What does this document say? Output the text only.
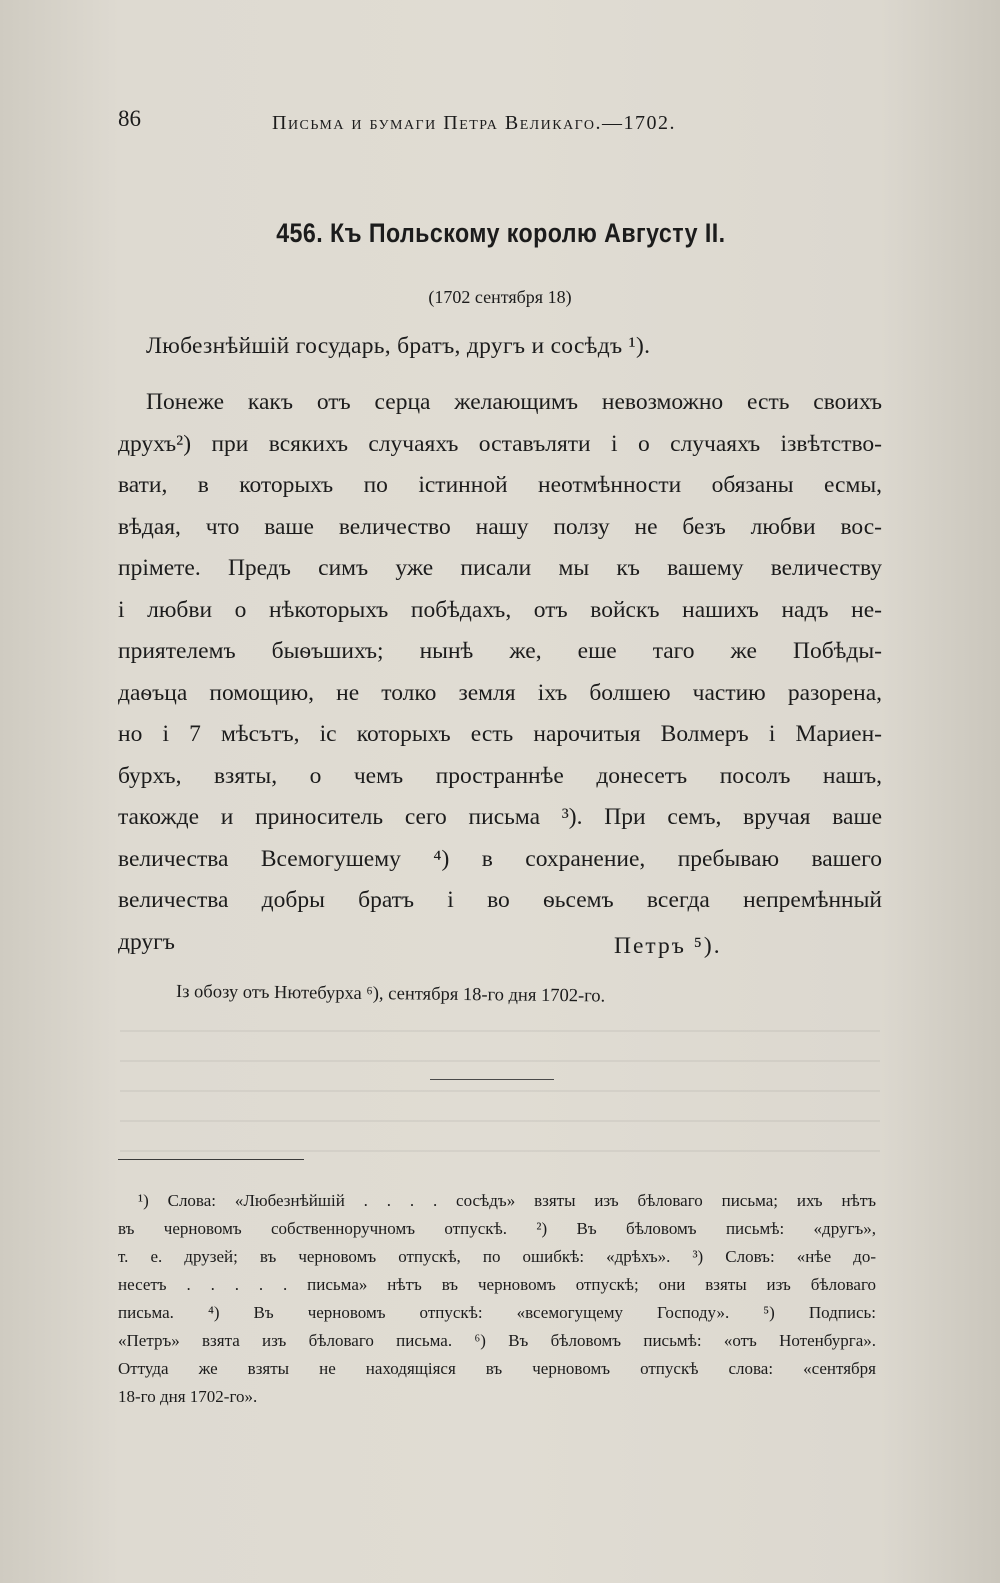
86	Письма и бумаги Петра Великаго.—1702.
456. Къ Польскому королю Августу II.
(1702 сентября 18)
Любезнѣйшій государь, братъ, другъ и сосѣдъ ¹).
Понеже какъ отъ серца желающимъ невозможно есть своихъ
друхъ²) при всякихъ случаяхъ оставъляти і о случаяхъ ізвѣтство-
вати, в которыхъ по істинной неотмѣнности обязаны есмы,
вѣдая, что ваше величество нашу ползу не безъ любви вос-
прімете. Предъ симъ уже писали мы къ вашему величеству
і любви о нѣкоторыхъ побѣдахъ, отъ войскъ нашихъ надъ не-
приятелемъ быѳъшихъ; нынѣ же, еше таго же Побѣды-
даѳъца помощию, не толко земля іхъ болшею частию разорена,
но і 7 мѣсътъ, іс которыхъ есть нарочитыя Волмеръ і Мариен-
бурхъ, взяты, о чемъ пространнѣе донесетъ посолъ нашъ,
такожде и приноситель сего письма ³). При семъ, вручая ваше
величества Всемогушему ⁴) в сохранение, пребываю вашего
величества добры братъ і во ѳьсемъ всегда непремѣнный
другъ	Петръ ⁵).
Із обозу отъ Нютебурха ⁶), сентября 18-го дня 1702-го.
¹) Слова: «Любезнѣйшій . . . . сосѣдъ» взяты изъ бѣловаго письма; ихъ нѣтъ
въ черновомъ собственноручномъ отпускѣ. ²) Въ бѣловомъ письмѣ: «другъ»,
т. е. друзей; въ черновомъ отпускѣ, по ошибкѣ: «дрѣхъ». ³) Словъ: «нѣе до-
несетъ . . . . . письма» нѣтъ въ черновомъ отпускѣ; они взяты изъ бѣловаго
письма. ⁴) Въ черновомъ отпускѣ: «всемогущему Господу». ⁵) Подпись:
«Петръ» взята изъ бѣловаго письма. ⁶) Въ бѣловомъ письмѣ: «отъ Нотенбурга».
Оттуда же взяты не находящіяся въ черновомъ отпускѣ слова: «сентября
18-го дня 1702-го».
